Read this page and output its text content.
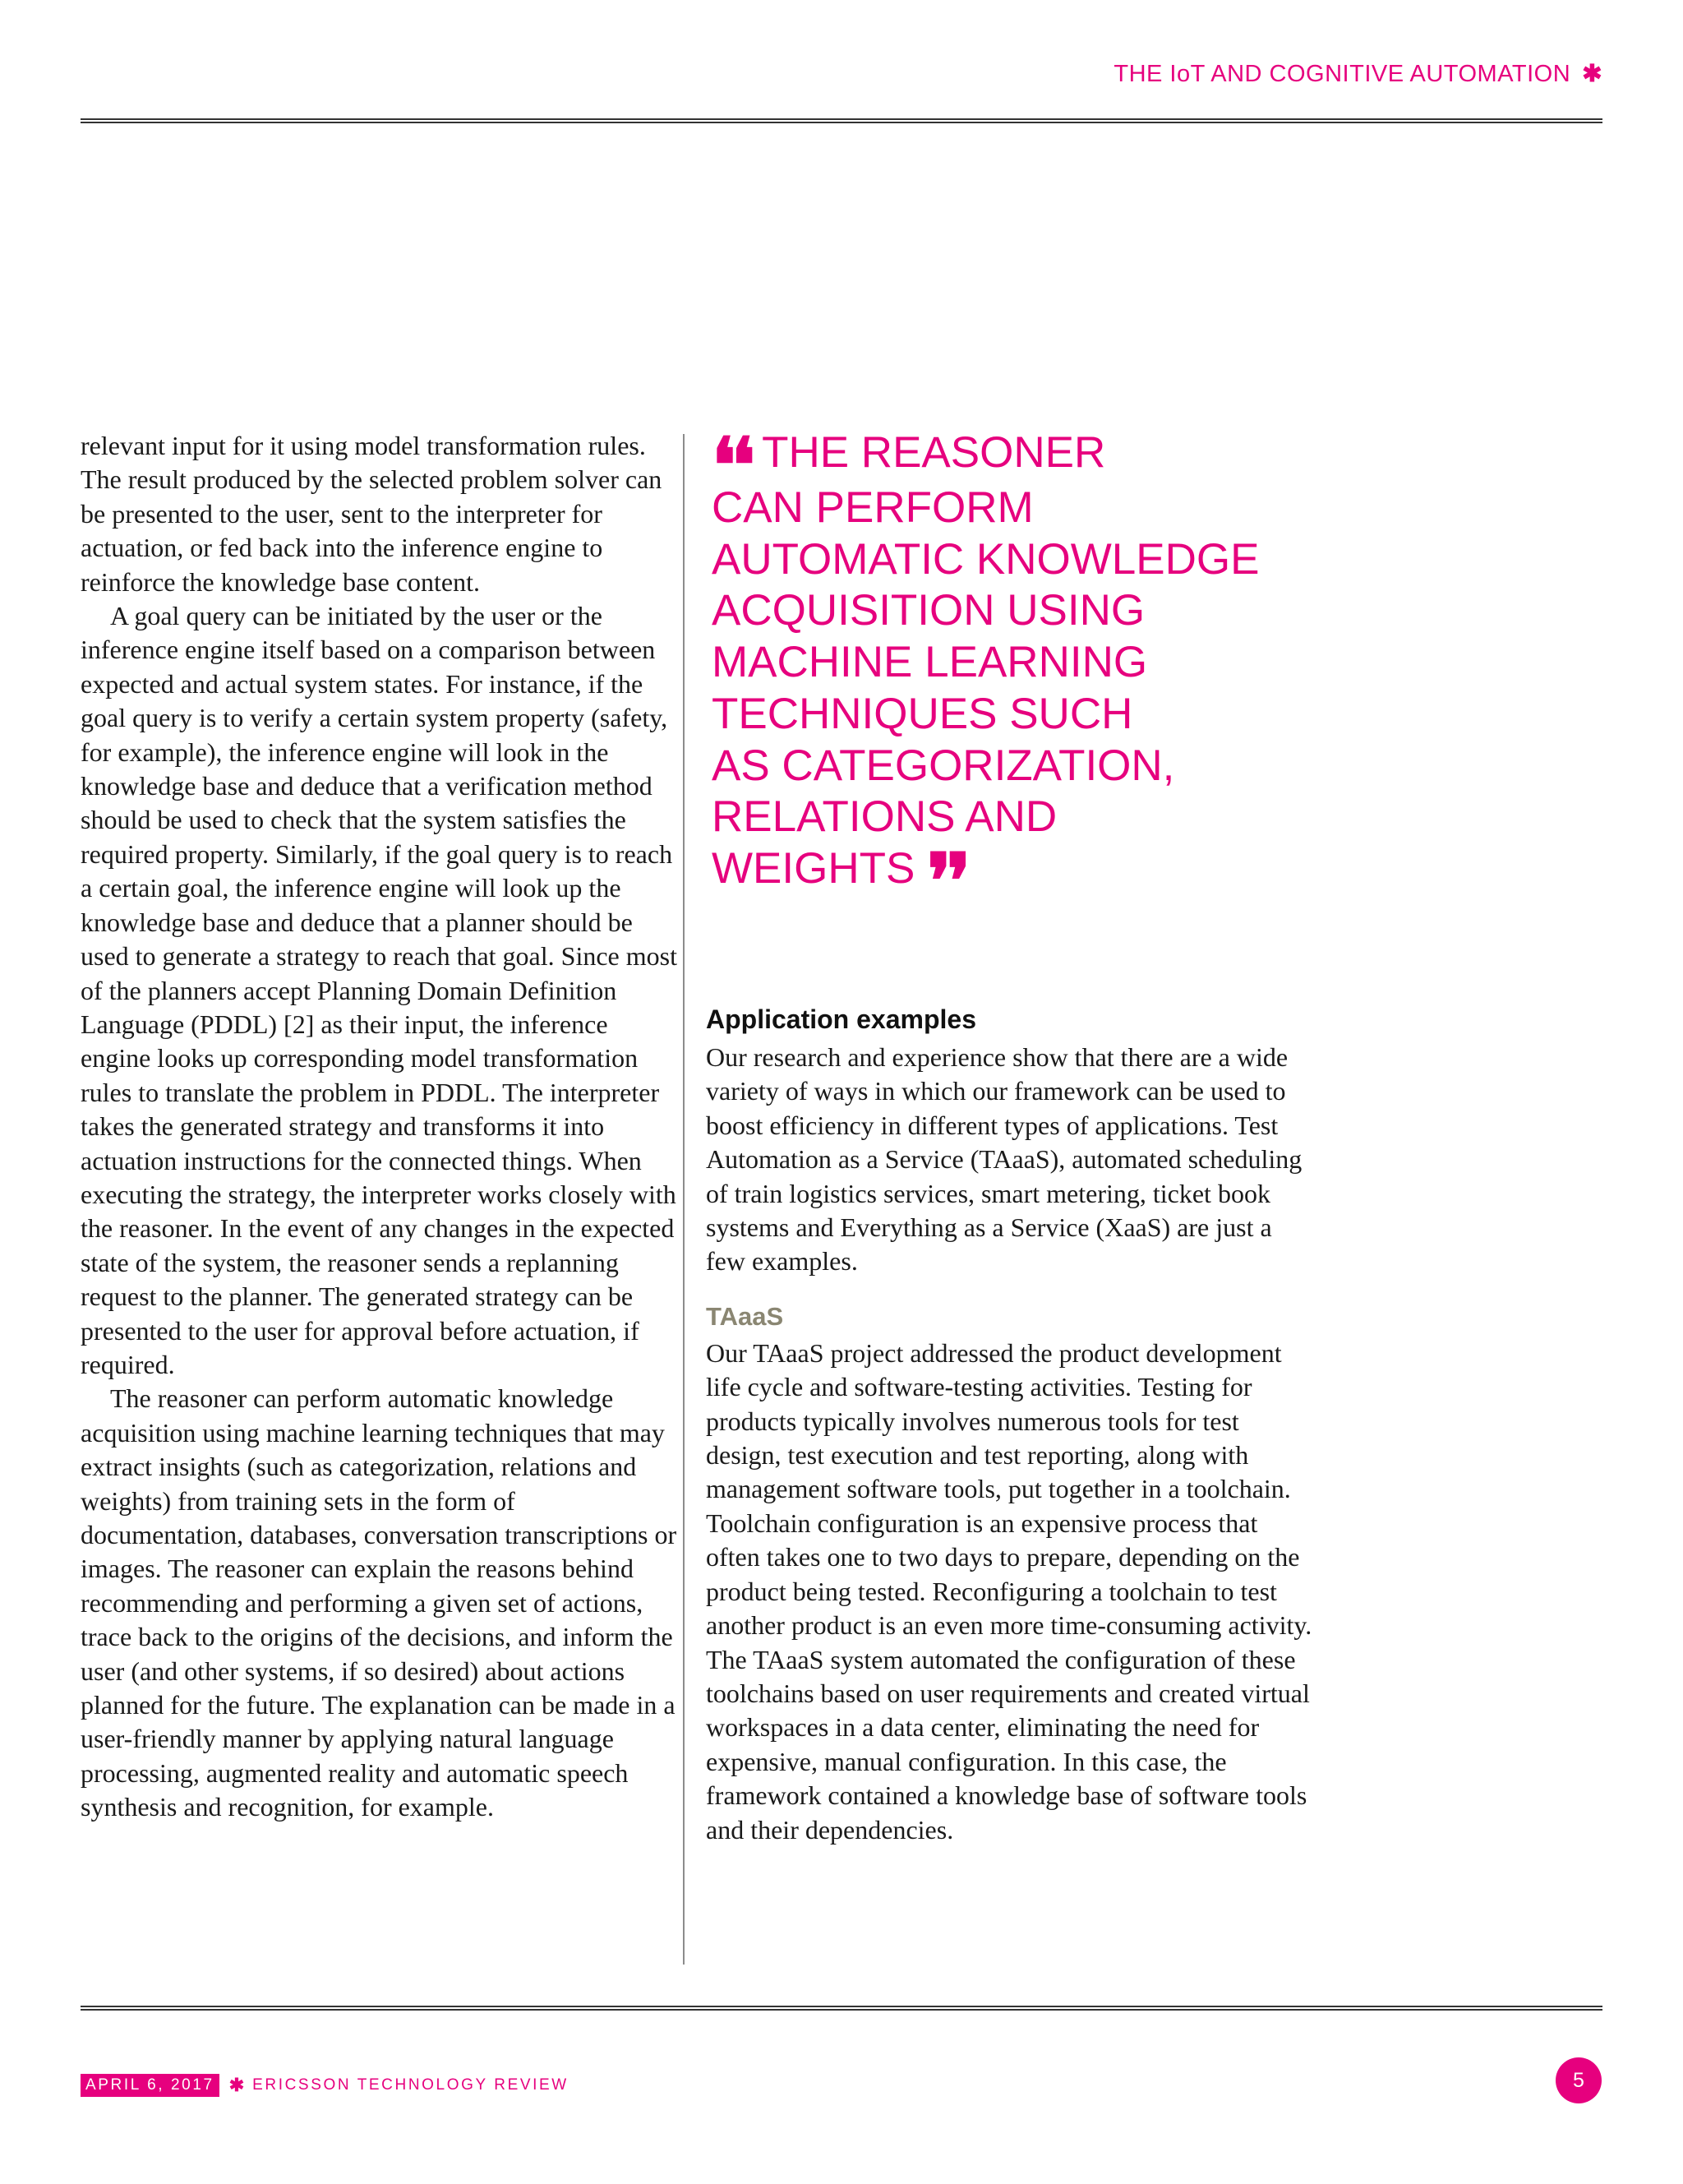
THE IoT AND COGNITIVE AUTOMATION ✱

relevant input for it using model transformation rules. The result produced by the selected problem solver can be presented to the user, sent to the interpreter for actuation, or fed back into the inference engine to reinforce the knowledge base content.

A goal query can be initiated by the user or the inference engine itself based on a comparison between expected and actual system states. For instance, if the goal query is to verify a certain system property (safety, for example), the inference engine will look in the knowledge base and deduce that a verification method should be used to check that the system satisfies the required property. Similarly, if the goal query is to reach a certain goal, the inference engine will look up the knowledge base and deduce that a planner should be used to generate a strategy to reach that goal. Since most of the planners accept Planning Domain Definition Language (PDDL) [2] as their input, the inference engine looks up corresponding model transformation rules to translate the problem in PDDL. The interpreter takes the generated strategy and transforms it into actuation instructions for the connected things. When executing the strategy, the interpreter works closely with the reasoner. In the event of any changes in the expected state of the system, the reasoner sends a replanning request to the planner. The generated strategy can be presented to the user for approval before actuation, if required.

The reasoner can perform automatic knowledge acquisition using machine learning techniques that may extract insights (such as categorization, relations and weights) from training sets in the form of documentation, databases, conversation transcriptions or images. The reasoner can explain the reasons behind recommending and performing a given set of actions, trace back to the origins of the decisions, and inform the user (and other systems, if so desired) about actions planned for the future. The explanation can be made in a user-friendly manner by applying natural language processing, augmented reality and automatic speech synthesis and recognition, for example.

❛❛ THE REASONER
CAN PERFORM
AUTOMATIC KNOWLEDGE
ACQUISITION USING
MACHINE LEARNING
TECHNIQUES SUCH
AS CATEGORIZATION,
RELATIONS AND
WEIGHTS ❜❜
Application examples

Our research and experience show that there are a wide variety of ways in which our framework can be used to boost efficiency in different types of applications. Test Automation as a Service (TAaaS), automated scheduling of train logistics services, smart metering, ticket book systems and Everything as a Service (XaaS) are just a few examples.

TAaaS

Our TAaaS project addressed the product development life cycle and software-testing activities. Testing for products typically involves numerous tools for test design, test execution and test reporting, along with management software tools, put together in a toolchain. Toolchain configuration is an expensive process that often takes one to two days to prepare, depending on the product being tested. Reconfiguring a toolchain to test another product is an even more time-consuming activity. The TAaaS system automated the configuration of these toolchains based on user requirements and created virtual workspaces in a data center, eliminating the need for expensive, manual configuration. In this case, the framework contained a knowledge base of software tools and their dependencies.

APRIL 6, 2017 ✱ ERICSSON TECHNOLOGY REVIEW	5
